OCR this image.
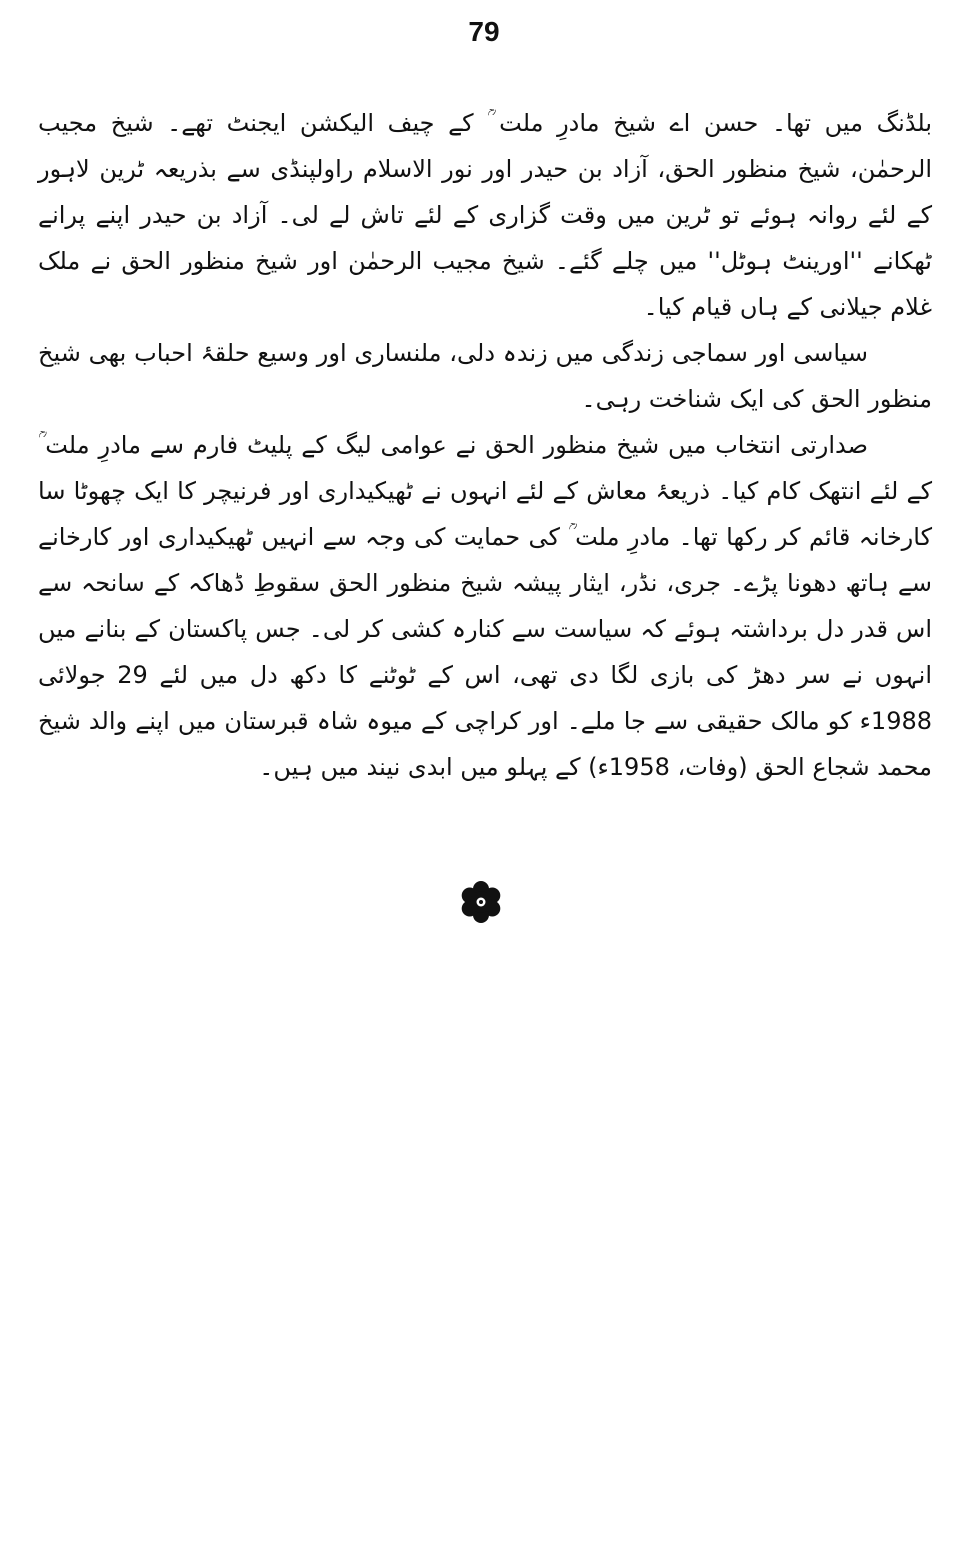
79

بلڈنگ میں تھا۔ حسن اے شیخ مادرِ ملت ؒ کے چیف الیکشن ایجنٹ تھے۔ شیخ مجیب الرحمٰن، شیخ منظور الحق، آزاد بن حیدر اور نور الاسلام راولپنڈی سے بذریعہ ٹرین لاہور کے لئے روانہ ہوئے تو ٹرین میں وقت گزاری کے لئے تاش لے لی۔ آزاد بن حیدر اپنے پرانے ٹھکانے ''اورینٹ ہوٹل'' میں چلے گئے۔ شیخ مجیب الرحمٰن اور شیخ منظور الحق نے ملک غلام جیلانی کے ہاں قیام کیا۔

سیاسی اور سماجی زندگی میں زندہ دلی، ملنساری اور وسیع حلقۂ احباب بھی شیخ منظور الحق کی ایک شناخت رہی۔

صدارتی انتخاب میں شیخ منظور الحق نے عوامی لیگ کے پلیٹ فارم سے مادرِ ملت ؒ کے لئے انتھک کام کیا۔ ذریعۂ معاش کے لئے انہوں نے ٹھیکیداری اور فرنیچر کا ایک چھوٹا سا کارخانہ قائم کر رکھا تھا۔ مادرِ ملت ؒ کی حمایت کی وجہ سے انہیں ٹھیکیداری اور کارخانے سے ہاتھ دھونا پڑے۔ جری، نڈر، ایثار پیشہ شیخ منظور الحق سقوطِ ڈھاکہ کے سانحہ سے اس قدر دل برداشتہ ہوئے کہ سیاست سے کنارہ کشی کر لی۔ جس پاکستان کے بنانے میں انہوں نے سر دھڑ کی بازی لگا دی تھی، اس کے ٹوٹنے کا دکھ دل میں لئے 29 جولائی 1988ء کو مالک حقیقی سے جا ملے۔ اور کراچی کے میوہ شاہ قبرستان میں اپنے والد شیخ محمد شجاع الحق (وفات، 1958ء) کے پہلو میں ابدی نیند میں ہیں۔
